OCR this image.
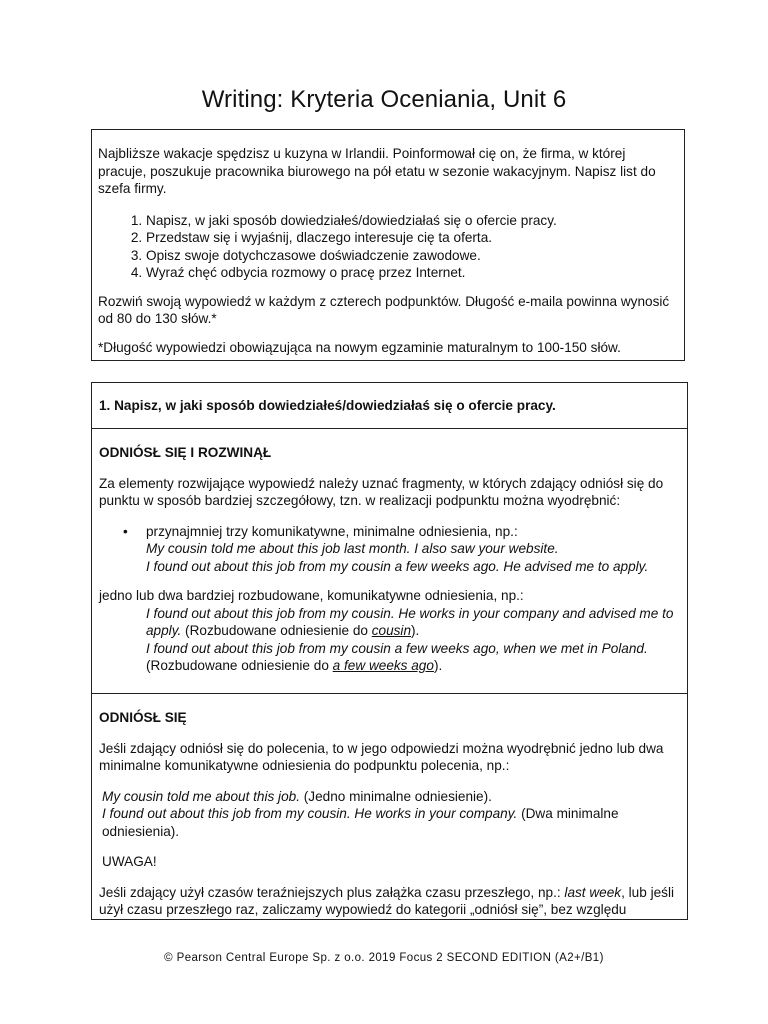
Writing: Kryteria Oceniania, Unit 6

Najbliższe wakacje spędzisz u kuzyna w Irlandii. Poinformował cię on, że firma, w której pracuje, poszukuje pracownika biurowego na pół etatu w sezonie wakacyjnym. Napisz list do szefa firmy.

1. Napisz, w jaki sposób dowiedziałeś/dowiedziałaś się o ofercie pracy.
2. Przedstaw się i wyjaśnij, dlaczego interesuje cię ta oferta.
3. Opisz swoje dotychczasowe doświadczenie zawodowe.
4. Wyraź chęć odbycia rozmowy o pracę przez Internet.

Rozwiń swoją wypowiedź w każdym z czterech podpunktów. Długość e-maila powinna wynosić od 80 do 130 słów.*

*Długość wypowiedzi obowiązująca na nowym egzaminie maturalnym to 100-150 słów.

1. Napisz, w jaki sposób dowiedziałeś/dowiedziałaś się o ofercie pracy.
ODNIÓSŁ SIĘ I ROZWINĄŁ
Za elementy rozwijające wypowiedź należy uznać fragmenty, w których zdający odniósł się do punktu w sposób bardziej szczegółowy, tzn. w realizacji podpunktu można wyodrębnić:
• przynajmniej trzy komunikatywne, minimalne odniesienia, np.:
My cousin told me about this job last month. I also saw your website.
I found out about this job from my cousin a few weeks ago. He advised me to apply.
jedno lub dwa bardziej rozbudowane, komunikatywne odniesienia, np.:
I found out about this job from my cousin. He works in your company and advised me to apply. (Rozbudowane odniesienie do cousin).
I found out about this job from my cousin a few weeks ago, when we met in Poland. (Rozbudowane odniesienie do a few weeks ago).
ODNIÓSŁ SIĘ
Jeśli zdający odniósł się do polecenia, to w jego odpowiedzi można wyodrębnić jedno lub dwa minimalne komunikatywne odniesienia do podpunktu polecenia, np.:
My cousin told me about this job. (Jedno minimalne odniesienie).
I found out about this job from my cousin. He works in your company. (Dwa minimalne odniesienia).
UWAGA!
Jeśli zdający użył czasów teraźniejszych plus załążka czasu przeszłego, np.: last week, lub jeśli użył czasu przeszłego raz, zaliczamy wypowiedź do kategorii „odniósł się”, bez względu
© Pearson Central Europe Sp. z o.o. 2019 Focus 2 SECOND EDITION (A2+/B1)
